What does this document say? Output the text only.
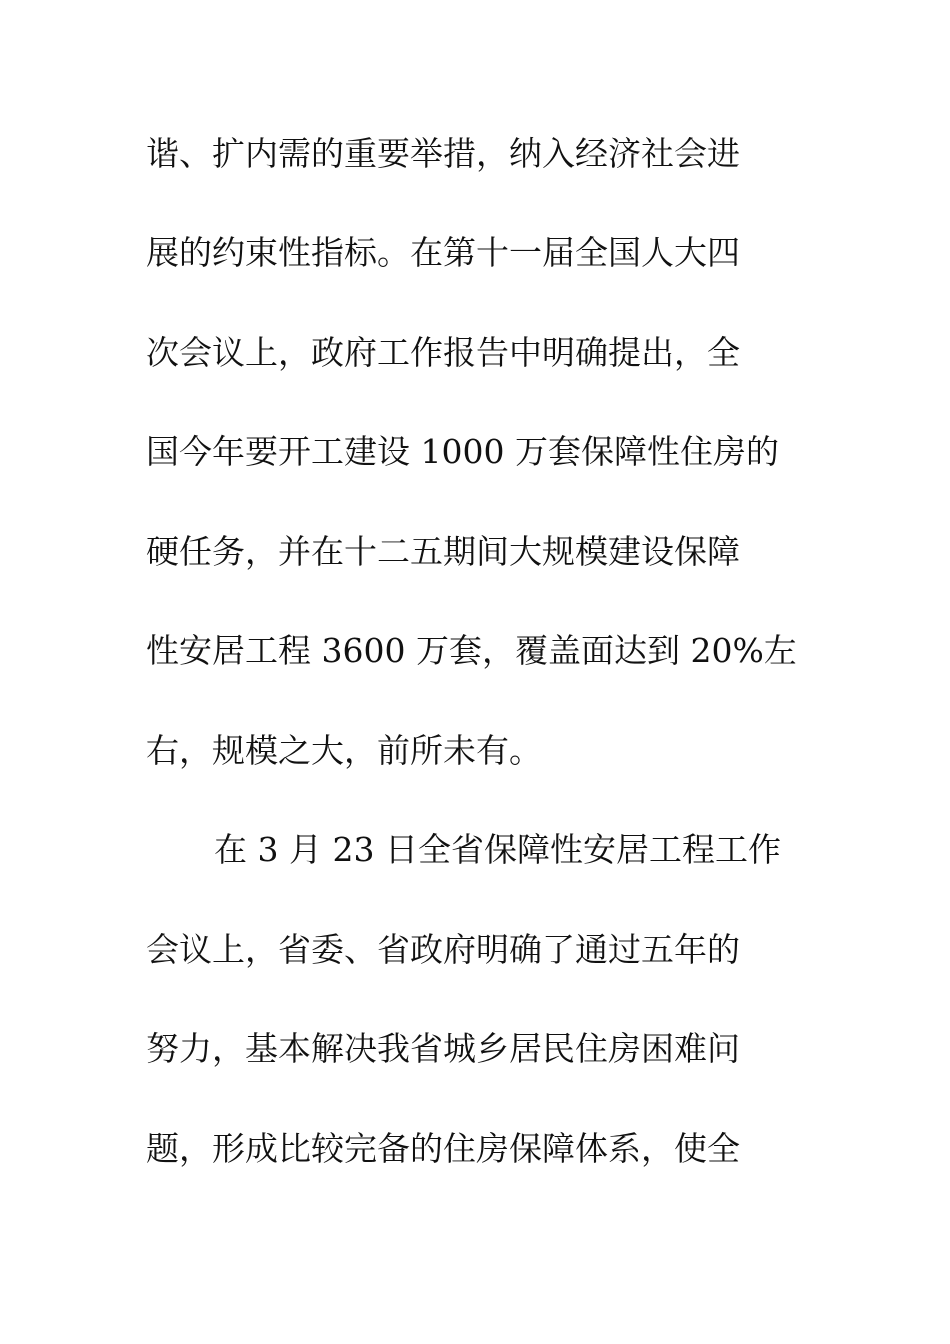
谐、扩内需的重要举措，纳入经济社会进
展的约束性指标。在第十一届全国人大四
次会议上，政府工作报告中明确提出，全
国今年要开工建设 1000 万套保障性住房的
硬任务，并在十二五期间大规模建设保障
性安居工程 3600 万套，覆盖面达到 20%左
右，规模之大，前所未有。
在 3 月 23 日全省保障性安居工程工作
会议上，省委、省政府明确了通过五年的
努力，基本解决我省城乡居民住房困难问
题，形成比较完备的住房保障体系，使全
